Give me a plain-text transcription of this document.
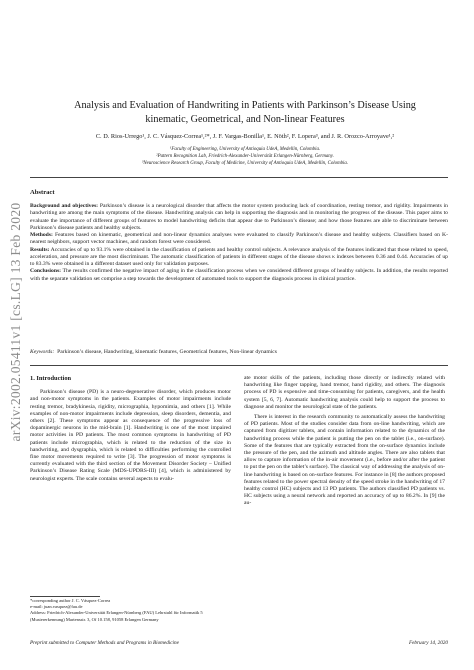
arXiv:2002.05411v1 [cs.LG] 13 Feb 2020
Analysis and Evaluation of Handwriting in Patients with Parkinson’s Disease Using
kinematic, Geometrical, and Non-linear Features
C. D. Rios-Urrego¹, J. C. Vásquez-Correa¹,²*, J. F. Vargas-Bonilla¹, E. Nöth², F. Lopera³, and J. R. Orozco-Arroyave¹,²
¹Faculty of Engineering, University of Antioquia UdeA, Medellín, Colombia.
²Pattern Recognition Lab, Friedrich-Alexander-Universität Erlangen-Nürnberg, Germany.
³Neuroscience Research Group, Faculty of Medicine, University of Antioquia UdeA, Medellín, Colombia.
Abstract

Background and objectives: Parkinson’s disease is a neurological disorder that affects the motor system producing lack of coordination, resting tremor, and rigidity. Impairments in handwriting are among the main symptoms of the disease. Handwriting analysis can help in supporting the diagnosis and in monitoring the progress of the disease. This paper aims to evaluate the importance of different groups of features to model handwriting deficits that appear due to Parkinson’s disease; and how those features are able to discriminate between Parkinson’s disease patients and healthy subjects.

Methods: Features based on kinematic, geometrical and non-linear dynamics analyses were evaluated to classify Parkinson’s disease and healthy subjects. Classifiers based on K-nearest neighbors, support vector machines, and random forest were considered.

Results: Accuracies of up to 93.1% were obtained in the classification of patients and healthy control subjects. A relevance analysis of the features indicated that those related to speed, acceleration, and pressure are the most discriminant. The automatic classification of patients in different stages of the disease shows κ indexes between 0.36 and 0.44. Accuracies of up to 83.3% were obtained in a different dataset used only for validation purposes.

Conclusions: The results confirmed the negative impact of aging in the classification process when we considered different groups of healthy subjects. In addition, the results reported with the separate validation set comprise a step towards the development of automated tools to support the diagnosis process in clinical practice.

Keywords: Parkinson’s disease, Handwriting, kinematic features, Geometrical features, Non-linear dynamics
1. Introduction

Parkinson’s disease (PD) is a neuro-degenerative disorder, which produces motor and non-motor symptoms in the patients. Examples of motor impairments include resting tremor, bradykinesia, rigidity, micrographia, hypomimia, and others [1]. While examples of non-motor impairments include depression, sleep disorders, dementia, and others [2]. These symptoms appear as consequence of the progressive loss of dopaminergic neurons in the mid-brain [1]. Handwriting is one of the most impaired motor activities in PD patients. The most common symptoms in handwriting of PD patients include micrographia, which is related to the reduction of the size in handwriting, and dysgraphia, which is related to difficulties performing the controlled fine motor movements required to write [3]. The progression of motor symptoms is currently evaluated with the third section of the Movement Disorder Society – Unified Parkinson’s Disease Rating Scale (MDS-UPDRS-III) [4], which is administered by neurologist experts. The scale contains several aspects to evalu-

ate motor skills of the patients, including those directly or indirectly related with handwriting like finger tapping, hand tremor, hand rigidity, and others. The diagnosis process of PD is expensive and time-consuming for patients, caregivers, and the health system [5, 6, 7]. Automatic handwriting analysis could help to support the process to diagnose and monitor the neurological state of the patients.

There is interest in the research community to automatically assess the handwriting of PD patients. Most of the studies consider data from on-line handwriting, which are captured from digitizer tablets, and contain information related to the dynamics of the handwriting process while the patient is putting the pen on the tablet (i.e., on-surface). Some of the features that are typically extracted from the on-surface dynamics include the pressure of the pen, and the azimuth and altitude angles. There are also tablets that allow to capture information of the in-air movement (i.e., before and/or after the patient to put the pen on the tablet’s surface). The classical way of addressing the analysis of on-line handwriting is based on on-surface features. For instance in [8] the authors proposed features related to the power spectral density of the speed stroke in the handwriting of 17 healthy control (HC) subjects and 13 PD patients. The authors classified PD patients vs. HC subjects using a neural network and reported an accuracy of up to 86.2%. In [9] the au-

*corresponding author J. C. Vásquez-Correa

e-mail: juan.vasquez@fau.de

Address: Friedrich-Alexander-Universität Erlangen-Nürnberg (FAU) Lehrstuhl für Informatik 5 (Mustererkennung) Martensstr. 3, Of 10.158, 91058 Erlangen Germany

Preprint submitted to Computer Methods and Programs in Biomedicine	February 14, 2020
